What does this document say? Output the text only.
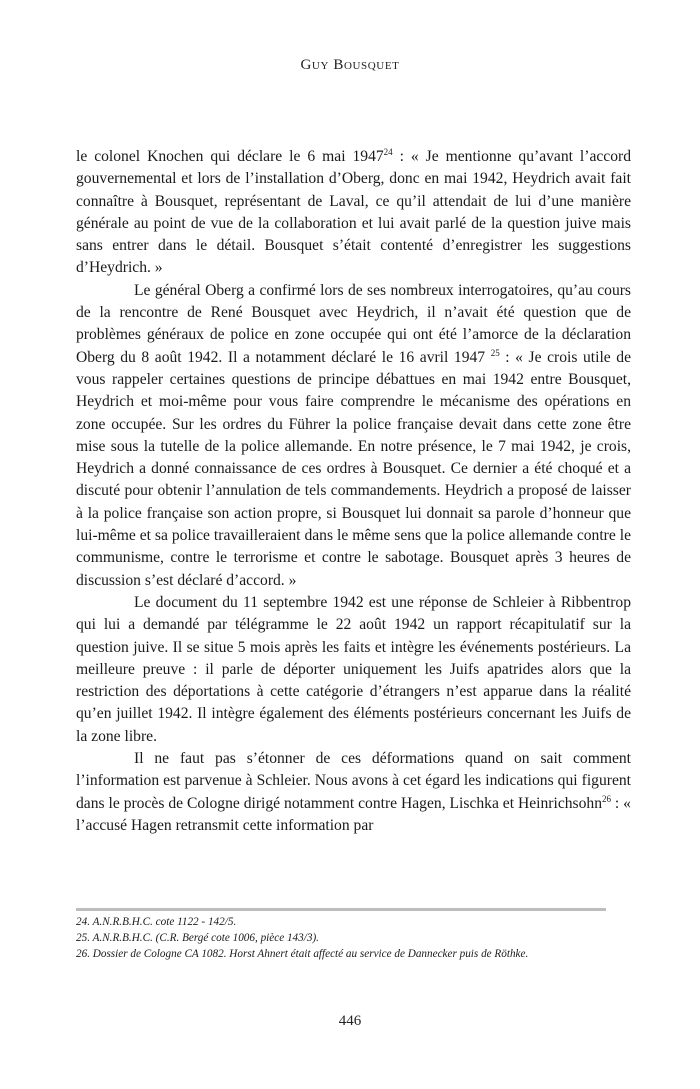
Guy Bousquet

le colonel Knochen qui déclare le 6 mai 1947$^{24}$ : « Je mentionne qu’avant l’accord gouvernemental et lors de l’installation d’Oberg, donc en mai 1942, Heydrich avait fait connaître à Bousquet, représentant de Laval, ce qu’il attendait de lui d’une manière générale au point de vue de la collaboration et lui avait parlé de la question juive mais sans entrer dans le détail. Bousquet s’était contenté d’enregistrer les suggestions d’Heydrich. »

Le général Oberg a confirmé lors de ses nombreux interrogatoires, qu’au cours de la rencontre de René Bousquet avec Heydrich, il n’avait été question que de problèmes généraux de police en zone occupée qui ont été l’amorce de la déclaration Oberg du 8 août 1942. Il a notamment déclaré le 16 avril 1947 $^{25}$ : « Je crois utile de vous rappeler certaines questions de principe débattues en mai 1942 entre Bousquet, Heydrich et moi-même pour vous faire comprendre le mécanisme des opérations en zone occupée. Sur les ordres du Führer la police française devait dans cette zone être mise sous la tutelle de la police allemande. En notre présence, le 7 mai 1942, je crois, Heydrich a donné connaissance de ces ordres à Bousquet. Ce dernier a été choqué et a discuté pour obtenir l’annulation de tels commandements. Heydrich a proposé de laisser à la police française son action propre, si Bousquet lui donnait sa parole d’honneur que lui-même et sa police travailleraient dans le même sens que la police allemande contre le communisme, contre le terrorisme et contre le sabotage. Bousquet après 3 heures de discussion s’est déclaré d’accord. »

Le document du 11 septembre 1942 est une réponse de Schleier à Ribbentrop qui lui a demandé par télégramme le 22 août 1942 un rapport récapitulatif sur la question juive. Il se situe 5 mois après les faits et intègre les événements postérieurs. La meilleure preuve : il parle de déporter uniquement les Juifs apatrides alors que la restriction des déportations à cette catégorie d’étrangers n’est apparue dans la réalité qu’en juillet 1942. Il intègre également des éléments postérieurs concernant les Juifs de la zone libre.

Il ne faut pas s’étonner de ces déformations quand on sait comment l’information est parvenue à Schleier. Nous avons à cet égard les indications qui figurent dans le procès de Cologne dirigé notamment contre Hagen, Lischka et Heinrichsohn$^{26}$ : « l’accusé Hagen retransmit cette information par

24. A.N.R.B.H.C. cote 1122 - 142/5.
25. A.N.R.B.H.C. (C.R. Bergé cote 1006, pièce 143/3).
26. Dossier de Cologne CA 1082. Horst Ahnert était affecté au service de Dannecker puis de Röthke.
446
